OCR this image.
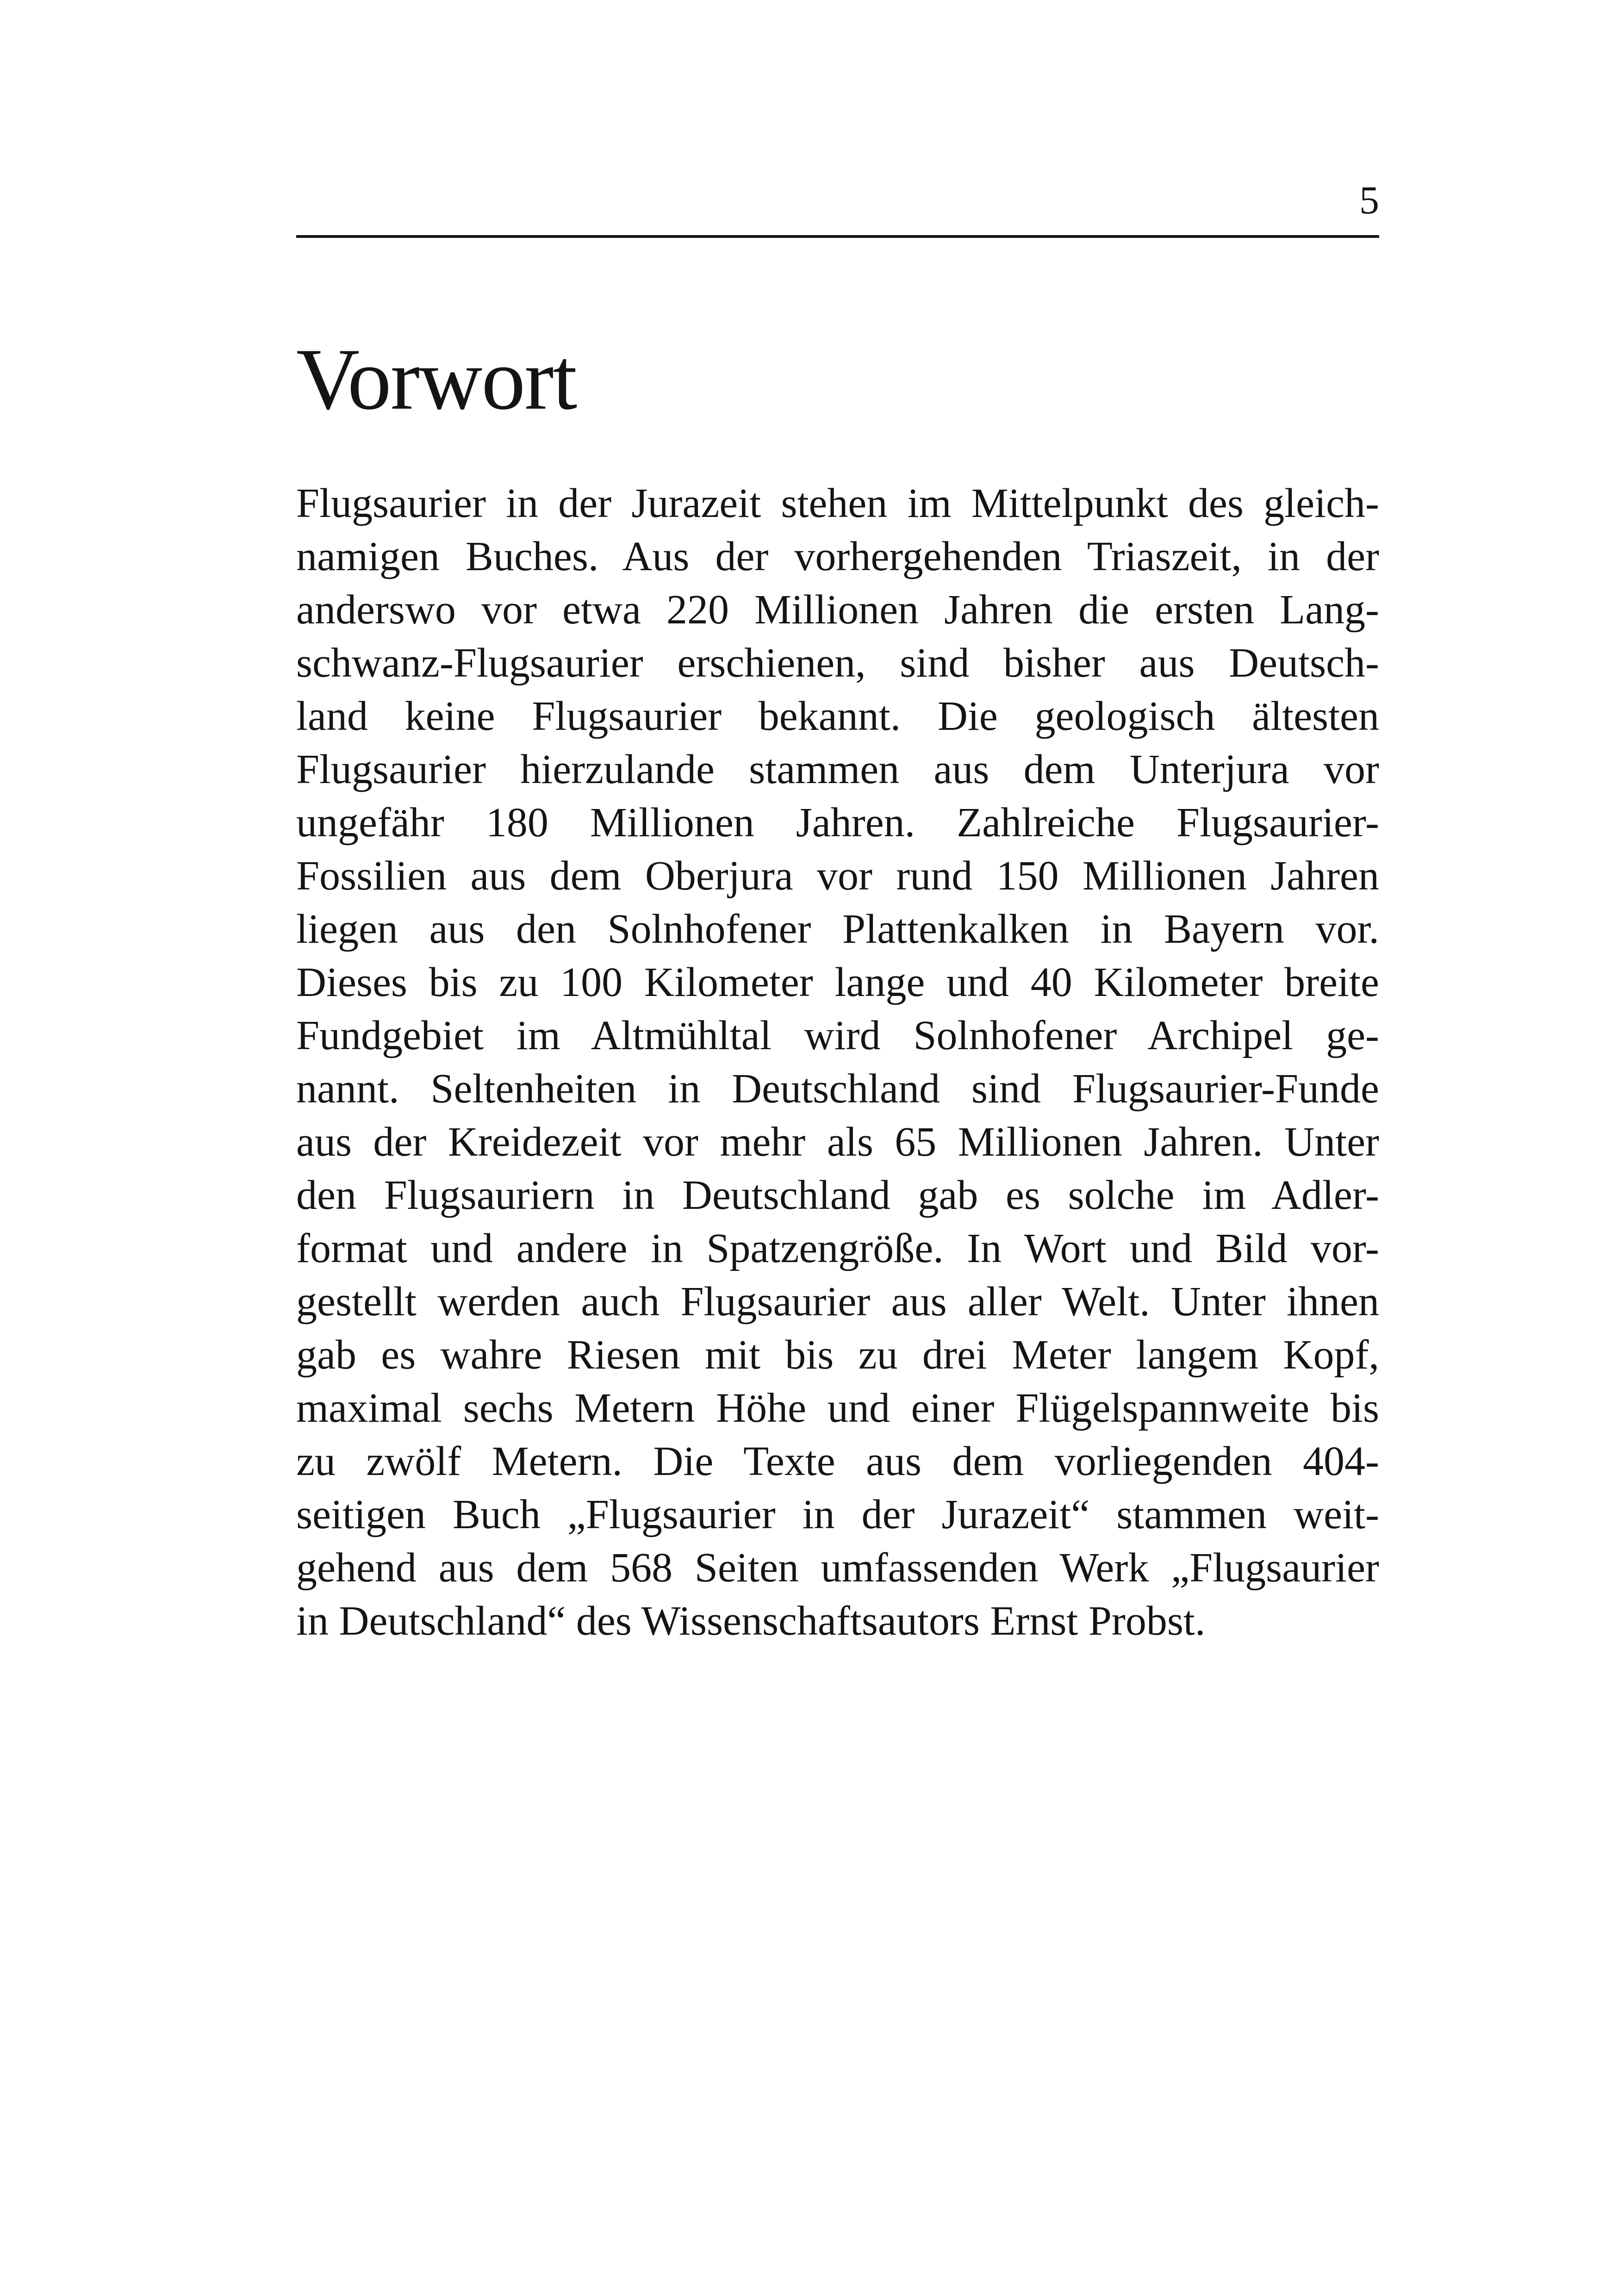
5
Vorwort
Flugsaurier in der Jurazeit stehen im Mittelpunkt des gleich-
namigen Buches. Aus der vorhergehenden Triaszeit, in der
anderswo vor etwa 220 Millionen Jahren die ersten Lang-
schwanz-Flugsaurier erschienen, sind bisher aus Deutsch-
land keine Flugsaurier bekannt. Die geologisch ältesten
Flugsaurier hierzulande stammen aus dem Unterjura vor
ungefähr 180 Millionen Jahren. Zahlreiche Flugsaurier-
Fossilien aus dem Oberjura vor rund 150 Millionen Jahren
liegen aus den Solnhofener Plattenkalken in Bayern vor.
Dieses bis zu 100 Kilometer lange und 40 Kilometer breite
Fundgebiet im Altmühltal wird Solnhofener Archipel ge-
nannt. Seltenheiten in Deutschland sind Flugsaurier-Funde
aus der Kreidezeit vor mehr als 65 Millionen Jahren. Unter
den Flugsauriern in Deutschland gab es solche im Adler-
format und andere in Spatzengröße. In Wort und Bild vor-
gestellt werden auch Flugsaurier aus aller Welt. Unter ihnen
gab es wahre Riesen mit bis zu drei Meter langem Kopf,
maximal sechs Metern Höhe und einer Flügelspannweite bis
zu zwölf Metern. Die Texte aus dem vorliegenden 404-
seitigen Buch „Flugsaurier in der Jurazeit“ stammen weit-
gehend aus dem 568 Seiten umfassenden Werk „Flugsaurier
in Deutschland“ des Wissenschaftsautors Ernst Probst.
